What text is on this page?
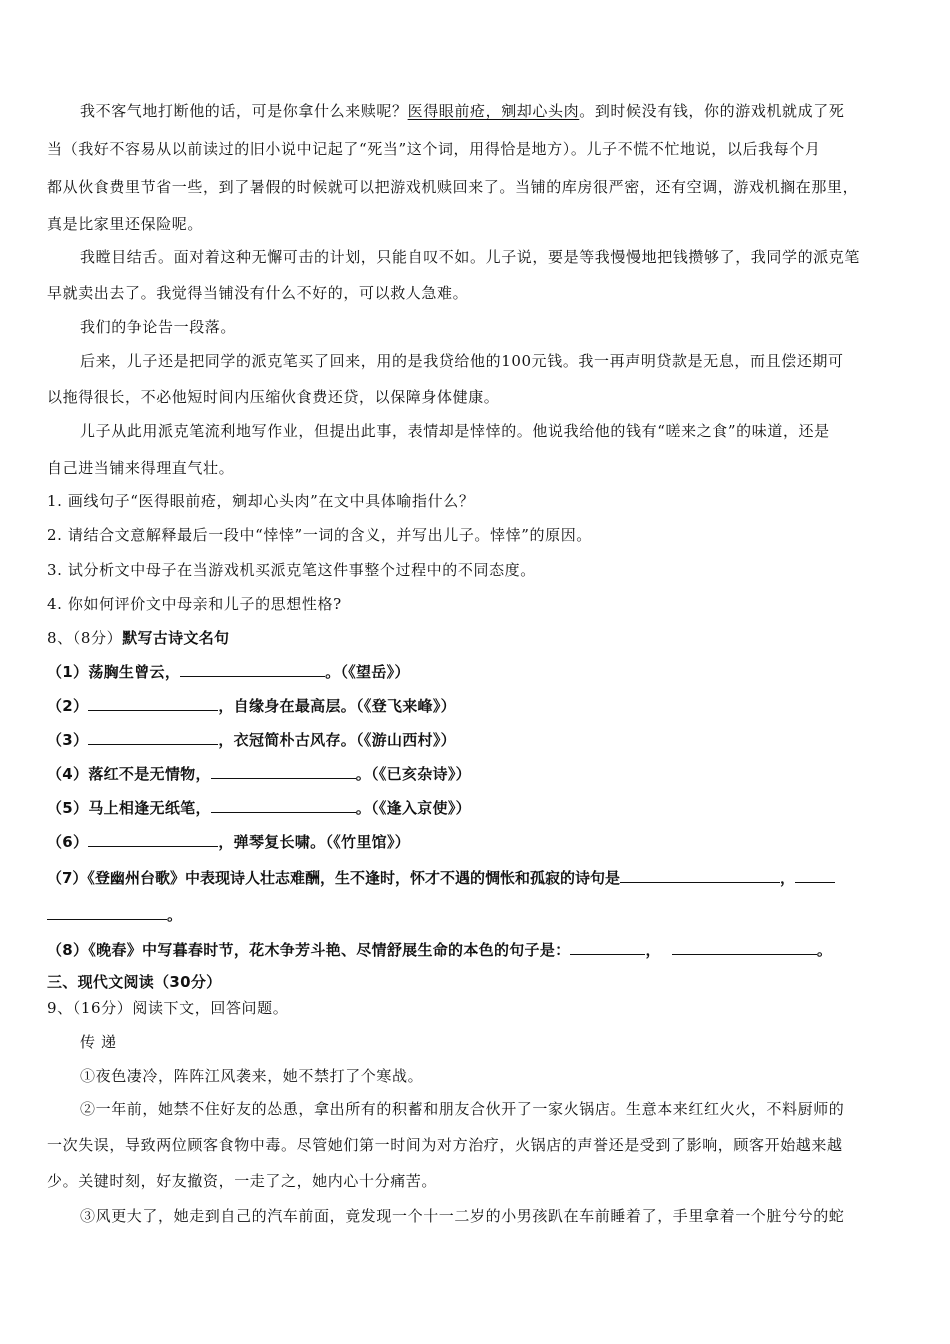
我不客气地打断他的话，可是你拿什么来赎呢？医得眼前疮，剜却心头肉。到时候没有钱，你的游戏机就成了死
当（我好不容易从以前读过的旧小说中记起了“死当”这个词，用得恰是地方）。儿子不慌不忙地说，以后我每个月
都从伙食费里节省一些，到了暑假的时候就可以把游戏机赎回来了。当铺的库房很严密，还有空调，游戏机搁在那里，
真是比家里还保险呢。
我瞠目结舌。面对着这种无懈可击的计划，只能自叹不如。儿子说，要是等我慢慢地把钱攒够了，我同学的派克笔
早就卖出去了。我觉得当铺没有什么不好的，可以救人急难。
我们的争论告一段落。
后来，儿子还是把同学的派克笔买了回来，用的是我贷给他的100元钱。我一再声明贷款是无息，而且偿还期可
以拖得很长，不必他短时间内压缩伙食费还贷，以保障身体健康。
儿子从此用派克笔流利地写作业，但提出此事，表情却是悻悻的。他说我给他的钱有“嗟来之食”的味道，还是
自己进当铺来得理直气壮。
1. 画线句子“医得眼前疮，剜却心头肉”在文中具体喻指什么？
2. 请结合文意解释最后一段中“悻悻”一词的含义，并写出儿子。悻悻”的原因。
3. 试分析文中母子在当游戏机买派克笔这件事整个过程中的不同态度。
4. 你如何评价文中母亲和儿子的思想性格?
8、（8分）默写古诗文名句
（1）荡胸生曾云，	。（《望岳》）
（2）	，自缘身在最高层。（《登飞来峰》）
（3）	，衣冠简朴古风存。（《游山西村》）
（4）落红不是无情物，	。（《已亥杂诗》）
（5）马上相逢无纸笔，	。（《逢入京使》）
（6）	，弹琴复长啸。（《竹里馆》）
（7）《登幽州台歌》中表现诗人壮志难酬，生不逢时，怀才不遇的惆怅和孤寂的诗句是	，
。
（8）《晚春》中写暮春时节，花木争芳斗艳、尽情舒展生命的本色的句子是：	，	。
三、现代文阅读（30分）
9、（16分）阅读下文，回答问题。
传 递
①夜色凄冷，阵阵江风袭来，她不禁打了个寒战。
②一年前，她禁不住好友的怂恿，拿出所有的积蓄和朋友合伙开了一家火锅店。生意本来红红火火，不料厨师的
一次失误，导致两位顾客食物中毒。尽管她们第一时间为对方治疗，火锅店的声誉还是受到了影响，顾客开始越来越
少。关键时刻，好友撤资，一走了之，她内心十分痛苦。
③风更大了，她走到自己的汽车前面，竟发现一个十一二岁的小男孩趴在车前睡着了，手里拿着一个脏兮兮的蛇
